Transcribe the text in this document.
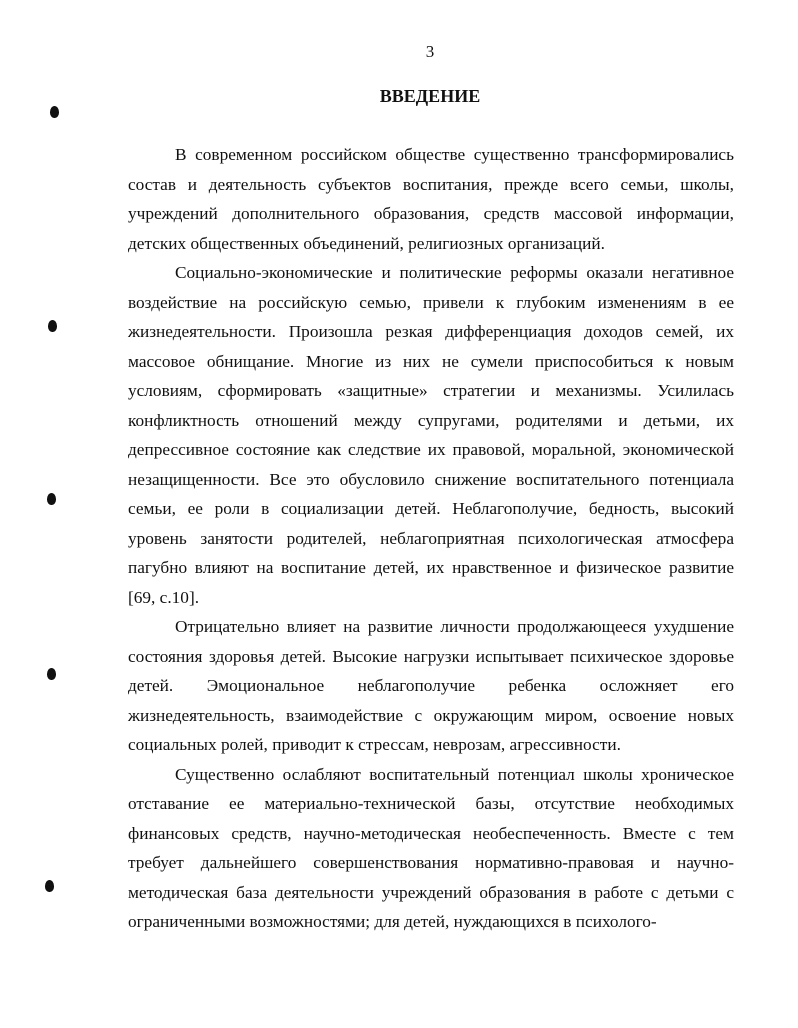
3
ВВЕДЕНИЕ

В современном российском обществе существенно трансформировались состав и деятельность субъектов воспитания, прежде всего семьи, школы, учреждений дополнительного образования, средств массовой информации, детских общественных объединений, религиозных организаций.

Социально-экономические и политические реформы оказали негативное воздействие на российскую семью, привели к глубоким изменениям в ее жизнедеятельности. Произошла резкая дифференциация доходов семей, их массовое обнищание. Многие из них не сумели приспособиться к новым условиям, сформировать «защитные» стратегии и механизмы. Усилилась конфликтность отношений между супругами, родителями и детьми, их депрессивное состояние как следствие их правовой, моральной, экономической незащищенности. Все это обусловило снижение воспитательного потенциала семьи, ее роли в социализации детей. Неблагополучие, бедность, высокий уровень занятости родителей, неблагоприятная психологическая атмосфера пагубно влияют на воспитание детей, их нравственное и физическое развитие [69, с.10].

Отрицательно влияет на развитие личности продолжающееся ухудшение состояния здоровья детей. Высокие нагрузки испытывает психическое здоровье детей. Эмоциональное неблагополучие ребенка осложняет его жизнедеятельность, взаимодействие с окружающим миром, освоение новых социальных ролей, приводит к стрессам, неврозам, агрессивности.

Существенно ослабляют воспитательный потенциал школы хроническое отставание ее материально-технической базы, отсутствие необходимых финансовых средств, научно-методическая необеспеченность. Вместе с тем требует дальнейшего совершенствования нормативно-правовая и научно-методическая база деятельности учреждений образования в работе с детьми с ограниченными возможностями; для детей, нуждающихся в психолого-
